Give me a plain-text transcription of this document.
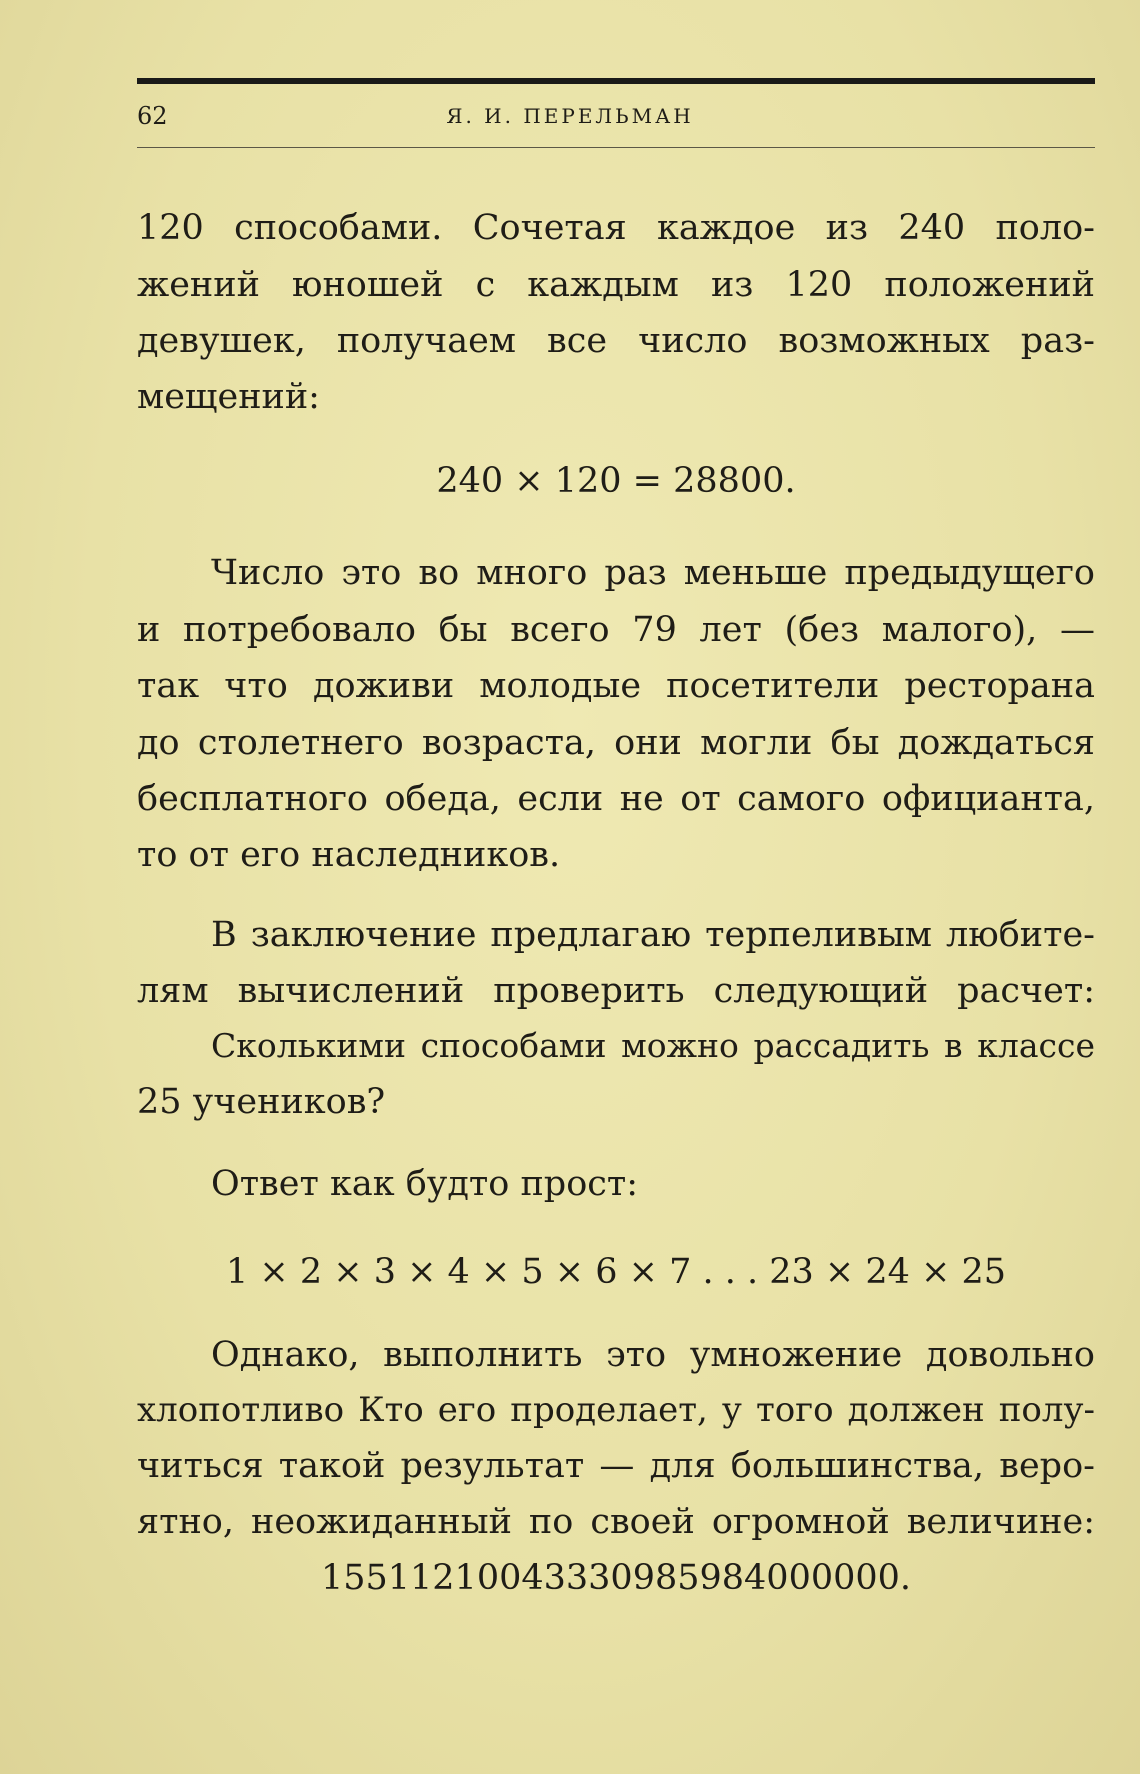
62	Я. И. ПЕРЕЛЬМАН
120 способами. Сочетая каждое из 240 поло-
жений юношей с каждым из 120 положений
девушек, получаем все число возможных раз-
мещений:
240 × 120 = 28800.
Число это во много раз меньше предыдущего
и потребовало бы всего 79 лет (без малого), —
так что доживи молодые посетители ресторана
до столетнего возраста, они могли бы дождаться
бесплатного обеда, если не от самого официанта,
то от его наследников.
В заключение предлагаю терпеливым любите-
лям вычислений проверить следующий расчет:
Сколькими способами можно рассадить в классе
25 учеников?
Ответ как будто прост:
1 × 2 × 3 × 4 × 5 × 6 × 7 . . . 23 × 24 × 25
Однако, выполнить это умножение довольно
хлопотливо Кто его проделает, у того должен полу-
читься такой результат — для большинства, веро-
ятно, неожиданный по своей огромной величине:
15511210043330985984000000.
